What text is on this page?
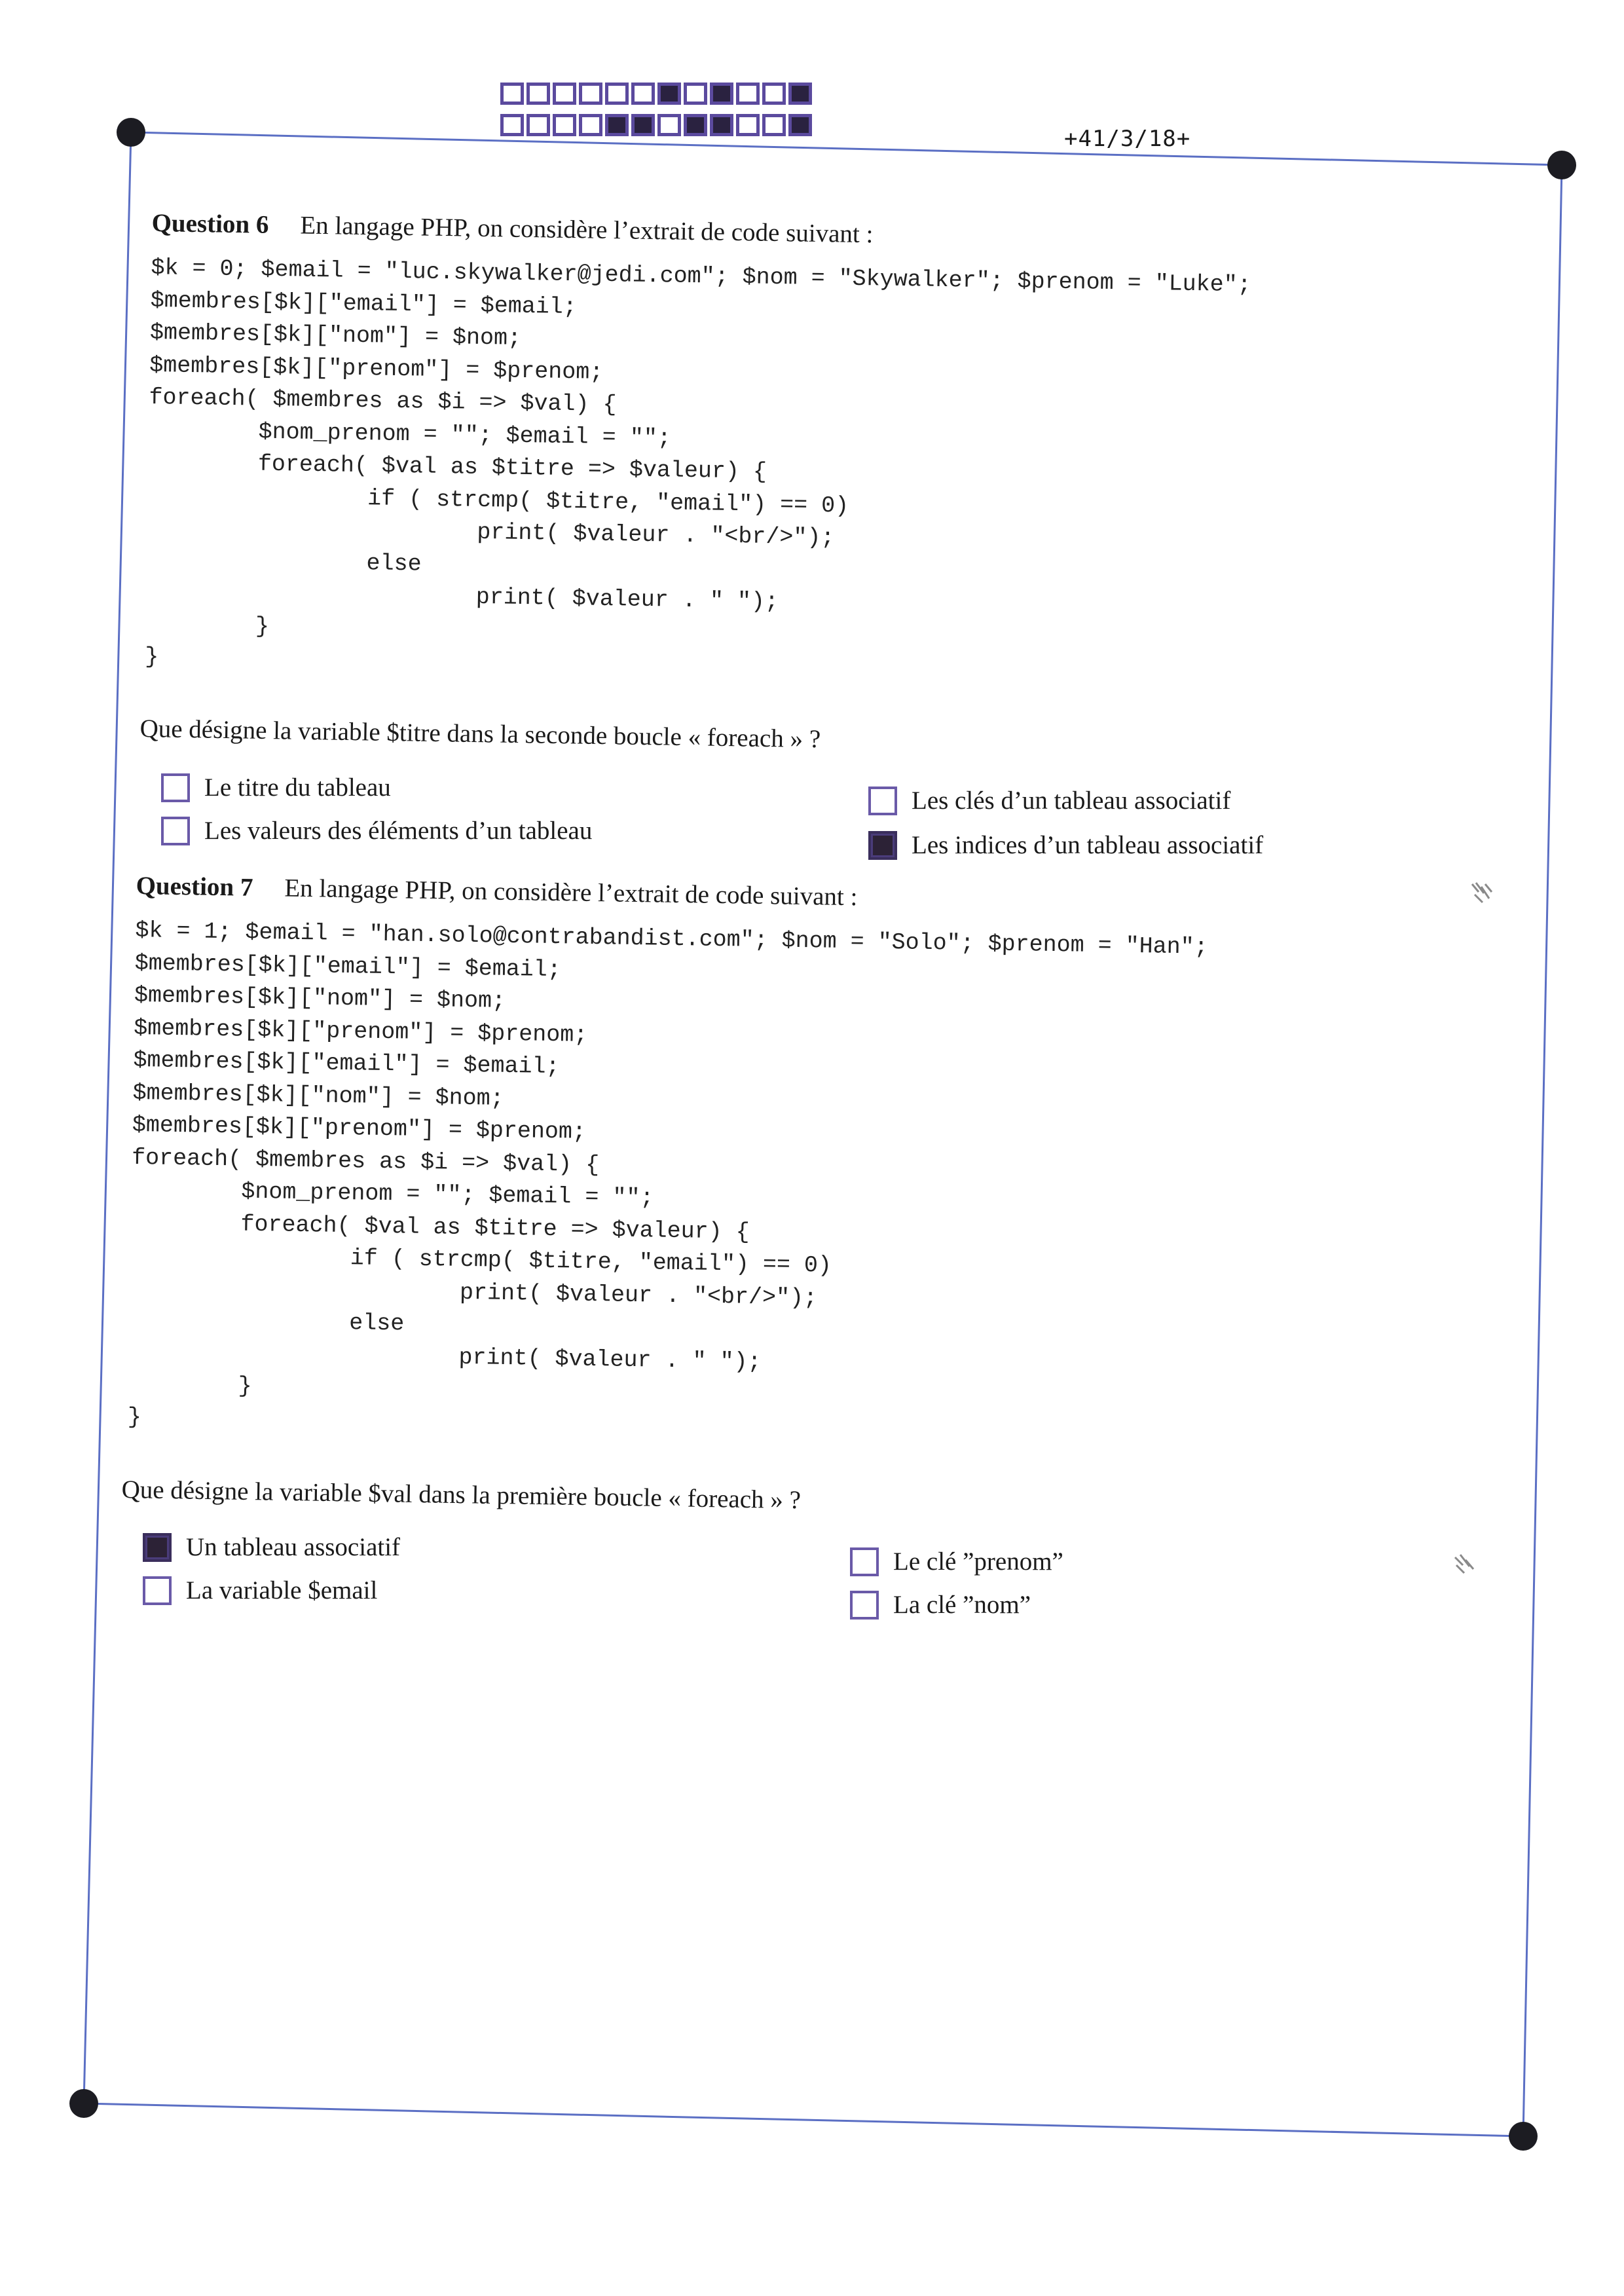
+41/3/18+
Question 6 En langage PHP, on considère l’extrait de code suivant :
$k = 0; $email = "luc.skywalker@jedi.com"; $nom = "Skywalker"; $prenom = "Luke";
$membres[$k]["email"] = $email;
$membres[$k]["nom"] = $nom;
$membres[$k]["prenom"] = $prenom;
foreach( $membres as $i => $val) {
$nom_prenom = ""; $email = "";
foreach( $val as $titre => $valeur) {
if ( strcmp( $titre, "email") == 0)
print( $valeur . "<br/>");
else
print( $valeur . " ");
}
}
Que désigne la variable $titre dans la seconde boucle « foreach » ?
Le titre du tableau
Les valeurs des éléments d’un tableau
Les clés d’un tableau associatif
Les indices d’un tableau associatif
Question 7 En langage PHP, on considère l’extrait de code suivant :
$k = 1; $email = "han.solo@contrabandist.com"; $nom = "Solo"; $prenom = "Han";
$membres[$k]["email"] = $email;
$membres[$k]["nom"] = $nom;
$membres[$k]["prenom"] = $prenom;
$membres[$k]["email"] = $email;
$membres[$k]["nom"] = $nom;
$membres[$k]["prenom"] = $prenom;
foreach( $membres as $i => $val) {
$nom_prenom = ""; $email = "";
foreach( $val as $titre => $valeur) {
if ( strcmp( $titre, "email") == 0)
print( $valeur . "<br/>");
else
print( $valeur . " ");
}
}
Que désigne la variable $val dans la première boucle « foreach » ?
Un tableau associatif
La variable $email
Le clé ”prenom”
La clé ”nom”
